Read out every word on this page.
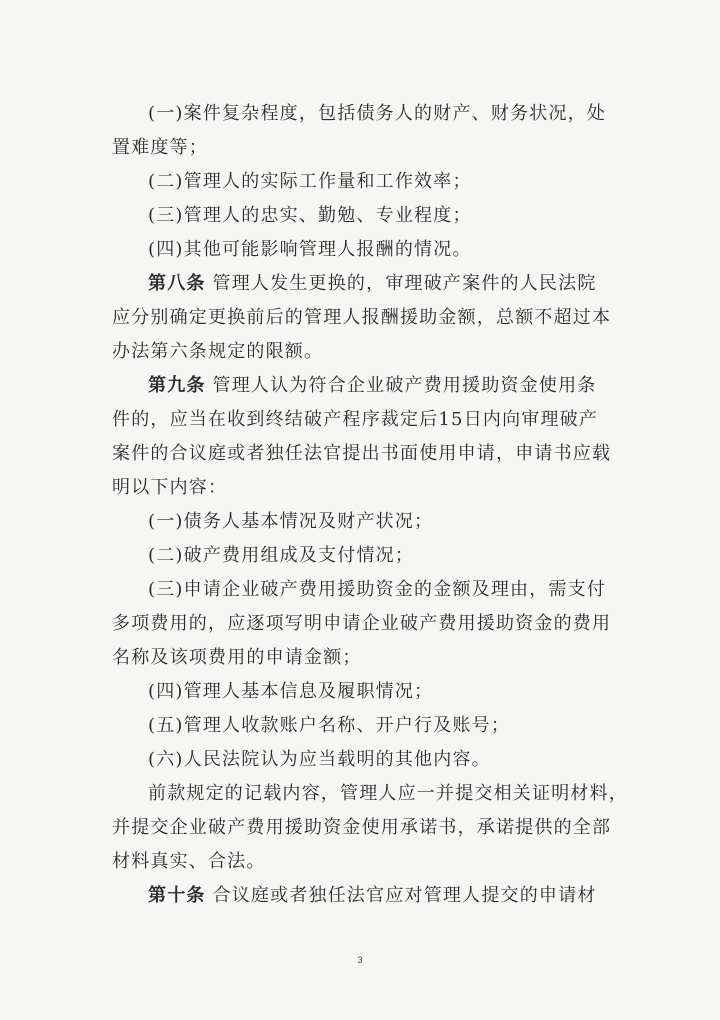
(一)案件复杂程度，包括债务人的财产、财务状况，处
置难度等；
(二)管理人的实际工作量和工作效率；
(三)管理人的忠实、勤勉、专业程度；
(四)其他可能影响管理人报酬的情况。
第八条 管理人发生更换的，审理破产案件的人民法院
应分别确定更换前后的管理人报酬援助金额，总额不超过本
办法第六条规定的限额。
第九条 管理人认为符合企业破产费用援助资金使用条
件的，应当在收到终结破产程序裁定后15日内向审理破产
案件的合议庭或者独任法官提出书面使用申请，申请书应载
明以下内容：
(一)债务人基本情况及财产状况；
(二)破产费用组成及支付情况；
(三)申请企业破产费用援助资金的金额及理由，需支付
多项费用的，应逐项写明申请企业破产费用援助资金的费用
名称及该项费用的申请金额；
(四)管理人基本信息及履职情况；
(五)管理人收款账户名称、开户行及账号；
(六)人民法院认为应当载明的其他内容。
前款规定的记载内容，管理人应一并提交相关证明材料，
并提交企业破产费用援助资金使用承诺书，承诺提供的全部
材料真实、合法。
第十条 合议庭或者独任法官应对管理人提交的申请材
3
